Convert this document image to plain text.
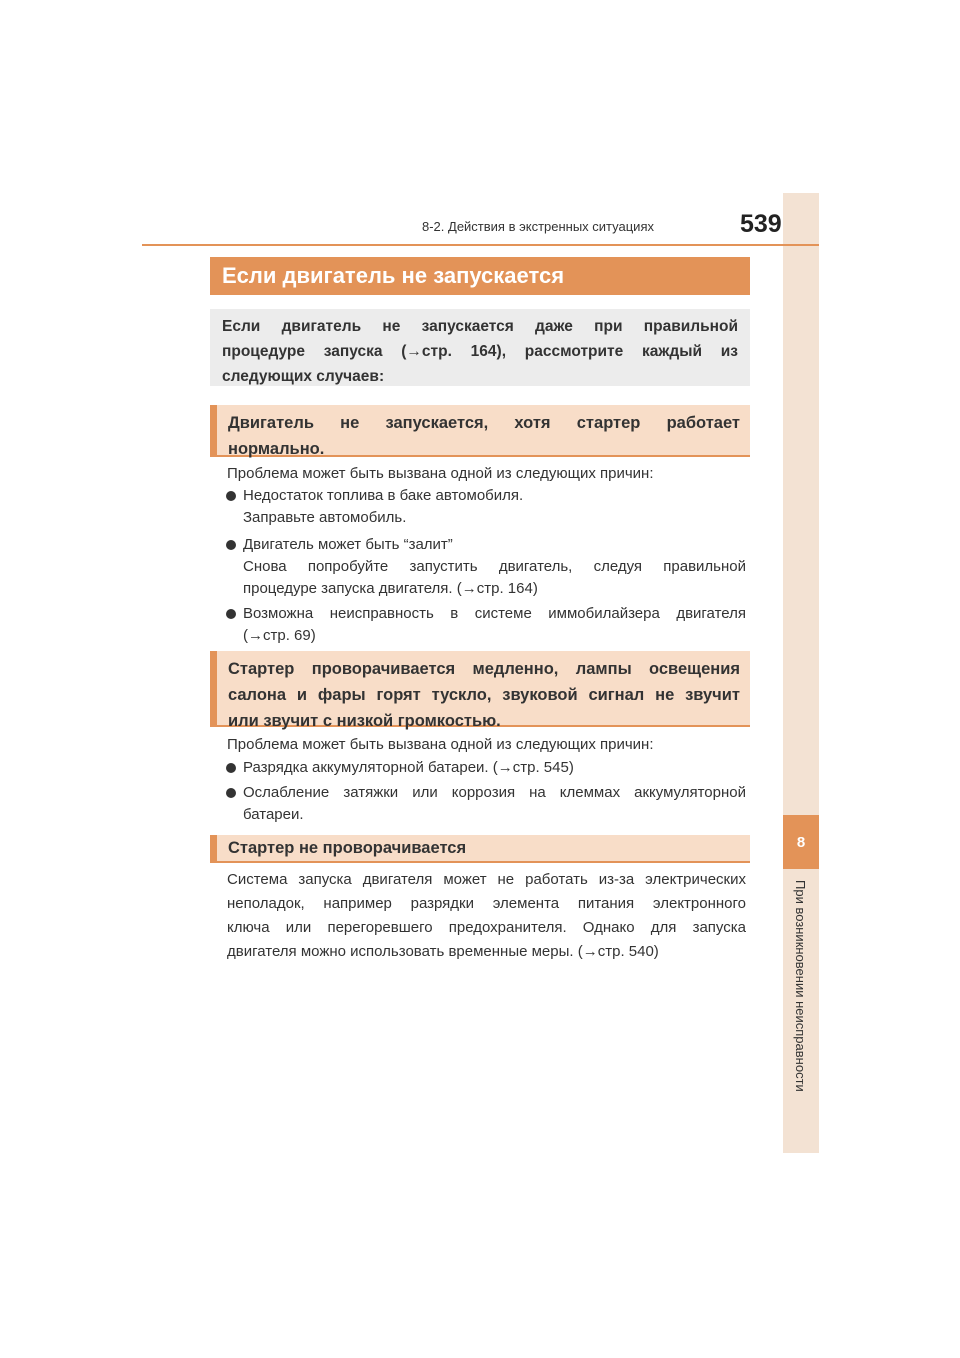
8
При возникновении неисправности
8-2. Действия в экстренных ситуациях	539
Если двигатель не запускается
Если двигатель не запускается даже при правильной
процедуре запуска (→стр. 164), рассмотрите каждый из
следующих случаев:
Двигатель не запускается, хотя стартер работает
нормально.
Проблема может быть вызвана одной из следующих причин:
Недостаток топлива в баке автомобиля.
Заправьте автомобиль.
Двигатель может быть “залит”
Снова попробуйте запустить двигатель, следуя правильной
процедуре запуска двигателя. (→стр. 164)
Возможна неисправность в системе иммобилайзера двигателя
(→стр. 69)
Стартер проворачивается медленно, лампы освещения
салона и фары горят тускло, звуковой сигнал не звучит
или звучит с низкой громкостью.
Проблема может быть вызвана одной из следующих причин:
Разрядка аккумуляторной батареи. (→стр. 545)
Ослабление затяжки или коррозия на клеммах аккумуляторной
батареи.
Стартер не проворачивается
Система запуска двигателя может не работать из-за электрических
неполадок, например разрядки элемента питания электронного
ключа или перегоревшего предохранителя. Однако для запуска
двигателя можно использовать временные меры. (→стр. 540)
